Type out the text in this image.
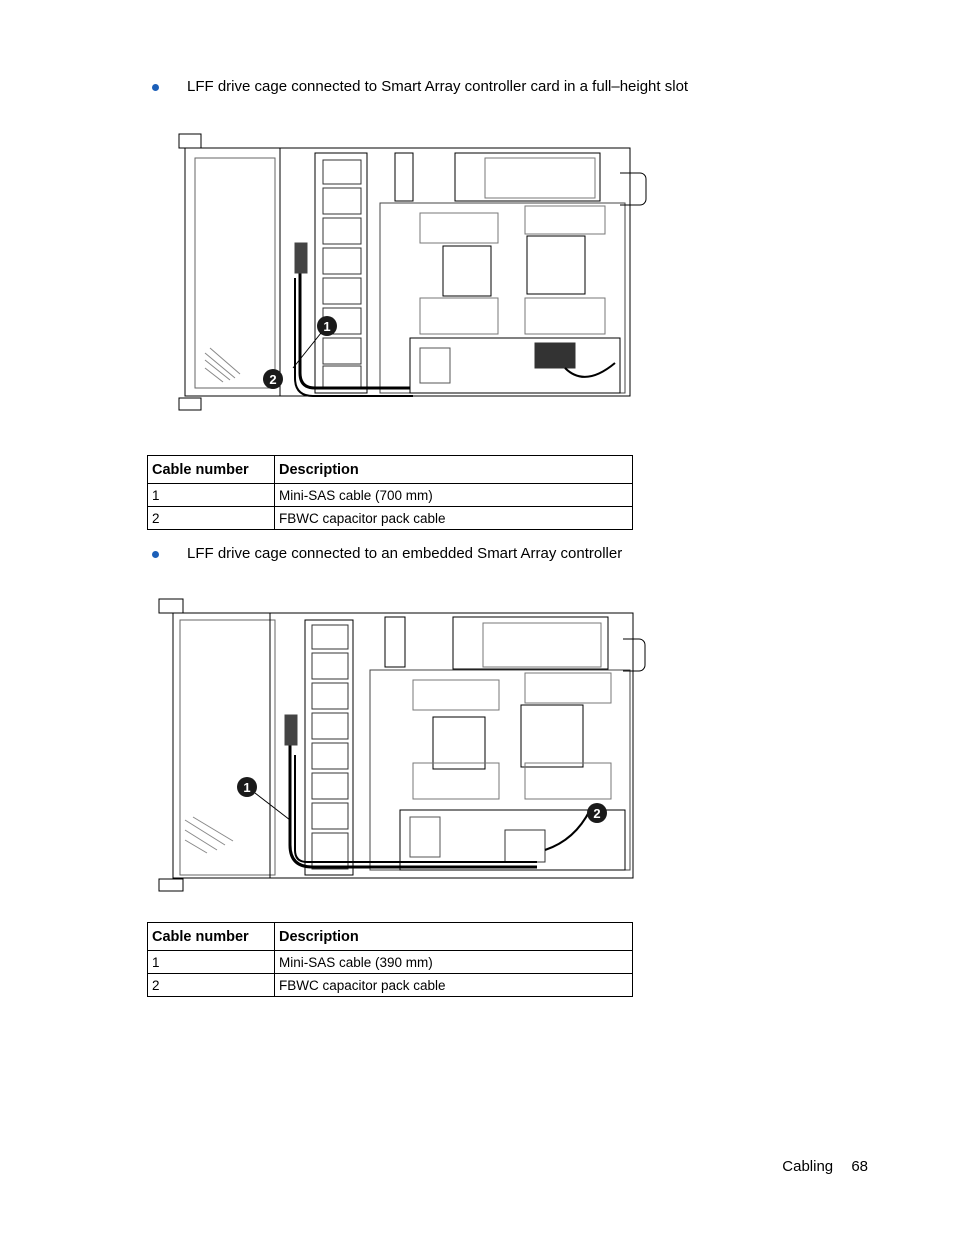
LFF drive cage connected to Smart Array controller card in a full–height slot
1
2
Cable number	Description
1	Mini-SAS cable (700 mm)
2	FBWC capacitor pack cable
LFF drive cage connected to an embedded Smart Array controller
1
2
Cable number	Description
1	Mini-SAS cable (390 mm)
2	FBWC capacitor pack cable
Cabling 68
